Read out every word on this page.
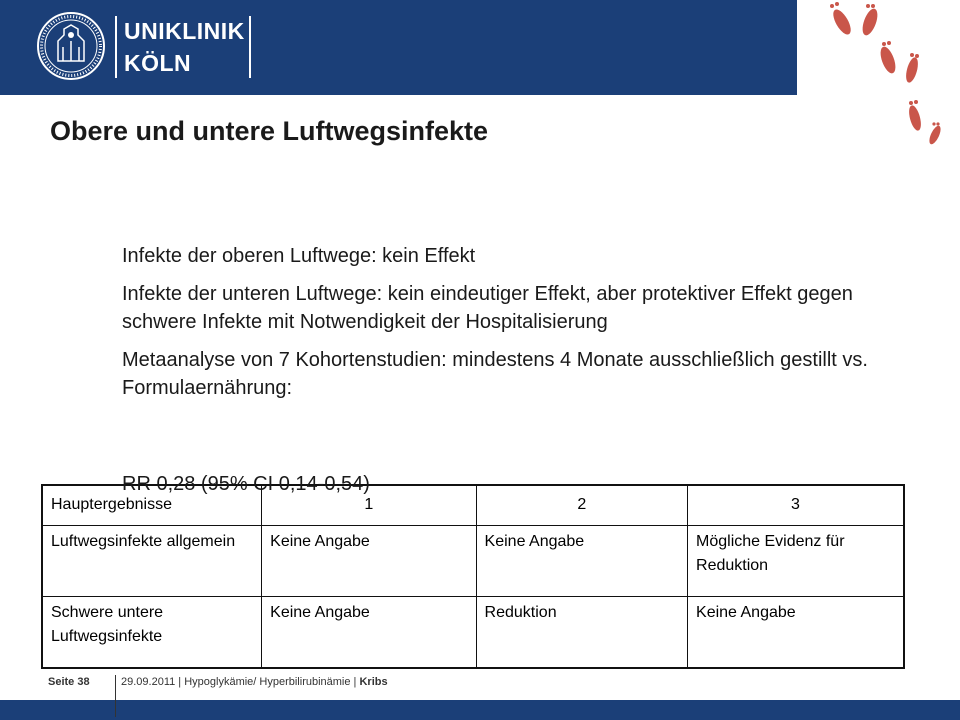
UNIKLINIK
KÖLN
Obere und untere Luftwegsinfekte

Infekte der oberen Luftwege: kein Effekt

Infekte der unteren Luftwege: kein eindeutiger Effekt, aber protektiver Effekt gegen schwere Infekte mit Notwendigkeit der Hospitalisierung

Metaanalyse von 7 Kohortenstudien: mindestens 4 Monate ausschließlich gestillt vs. Formulaernährung:

Hauptergebnisse	1	2	3
Luftwegsinfekte allgemein	Keine Angabe	Keine Angabe	Mögliche Evidenz für Reduktion
Schwere untere Luftwegsinfekte	Keine Angabe	Reduktion	Keine Angabe
RR 0,28 (95% CI 0,14-0,54)
Seite 38	29.09.2011 | Hypoglykämie/ Hyperbilirubinämie | Kribs
